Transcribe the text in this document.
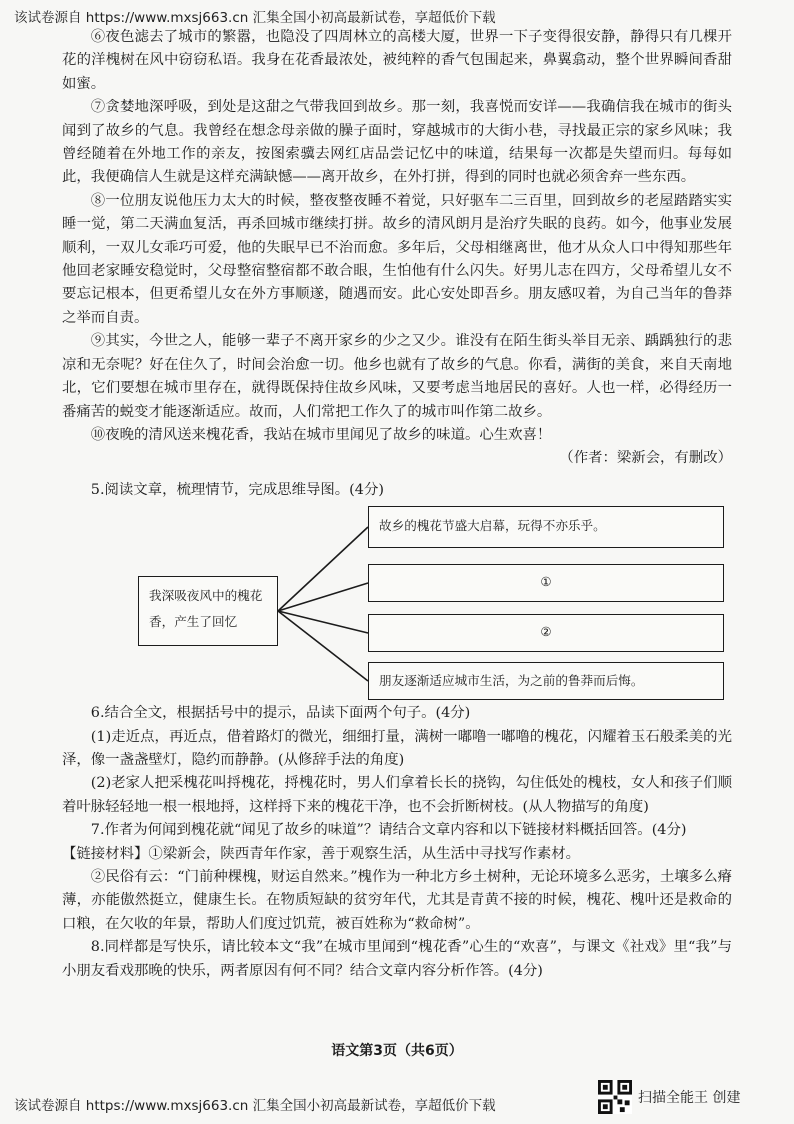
该试卷源自 https://www.mxsj663.cn 汇集全国小初高最新试卷，享超低价下载

⑥夜色滤去了城市的繁嚣，也隐没了四周林立的高楼大厦，世界一下子变得很安静，静得只有几棵开花的洋槐树在风中窃窃私语。我身在花香最浓处，被纯粹的香气包围起来，鼻翼翕动，整个世界瞬间香甜如蜜。

⑦贪婪地深呼吸，到处是这甜之气带我回到故乡。那一刻，我喜悦而安详——我确信我在城市的街头闻到了故乡的气息。我曾经在想念母亲做的臊子面时，穿越城市的大街小巷，寻找最正宗的家乡风味；我曾经随着在外地工作的亲友，按图索骥去网红店品尝记忆中的味道，结果每一次都是失望而归。每每如此，我便确信人生就是这样充满缺憾——离开故乡，在外打拼，得到的同时也就必须舍弃一些东西。

⑧一位朋友说他压力太大的时候，整夜整夜睡不着觉，只好驱车二三百里，回到故乡的老屋踏踏实实睡一觉，第二天满血复活，再杀回城市继续打拼。故乡的清风朗月是治疗失眠的良药。如今，他事业发展顺利，一双儿女乖巧可爱，他的失眠早已不治而愈。多年后，父母相继离世，他才从众人口中得知那些年他回老家睡安稳觉时，父母整宿整宿都不敢合眼，生怕他有什么闪失。好男儿志在四方，父母希望儿女不要忘记根本，但更希望儿女在外方事顺遂，随遇而安。此心安处即吾乡。朋友感叹着，为自己当年的鲁莽之举而自责。

⑨其实，今世之人，能够一辈子不离开家乡的少之又少。谁没有在陌生街头举目无亲、踽踽独行的悲凉和无奈呢？好在住久了，时间会治愈一切。他乡也就有了故乡的气息。你看，满街的美食，来自天南地北，它们要想在城市里存在，就得既保持住故乡风味，又要考虑当地居民的喜好。人也一样，必得经历一番痛苦的蜕变才能逐渐适应。故而，人们常把工作久了的城市叫作第二故乡。

⑩夜晚的清风送来槐花香，我站在城市里闻见了故乡的味道。心生欢喜！

（作者：梁新会，有删改）

5.阅读文章，梳理情节，完成思维导图。(4分)

我深吸夜风中的槐花香，产生了回忆
故乡的槐花节盛大启幕，玩得不亦乐乎。
①
②
朋友逐渐适应城市生活，为之前的鲁莽而后悔。

6.结合全文，根据括号中的提示，品读下面两个句子。(4分)

(1)走近点，再近点，借着路灯的微光，细细打量，满树一嘟噜一嘟噜的槐花，闪耀着玉石般柔美的光泽，像一盏盏壁灯，隐约而静静。(从修辞手法的角度)

(2)老家人把采槐花叫捋槐花，捋槐花时，男人们拿着长长的挠钩，勾住低处的槐枝，女人和孩子们顺着叶脉轻轻地一根一根地捋，这样捋下来的槐花干净，也不会折断树枝。(从人物描写的角度)

7.作者为何闻到槐花就“闻见了故乡的味道”？请结合文章内容和以下链接材料概括回答。(4分)

【链接材料】①梁新会，陕西青年作家，善于观察生活，从生活中寻找写作素材。

②民俗有云：“门前种棵槐，财运自然来。”槐作为一种北方乡土树种，无论环境多么恶劣，土壤多么瘠薄，亦能傲然挺立，健康生长。在物质短缺的贫穷年代，尤其是青黄不接的时候，槐花、槐叶还是救命的口粮，在欠收的年景，帮助人们度过饥荒，被百姓称为“救命树”。

8.同样都是写快乐，请比较本文“我”在城市里闻到“槐花香”心生的“欢喜”，与课文《社戏》里“我”与小朋友看戏那晚的快乐，两者原因有何不同？结合文章内容分析作答。(4分)

语文第3页（共6页）
该试卷源自 https://www.mxsj663.cn 汇集全国小初高最新试卷，享超低价下载	扫描全能王 创建
